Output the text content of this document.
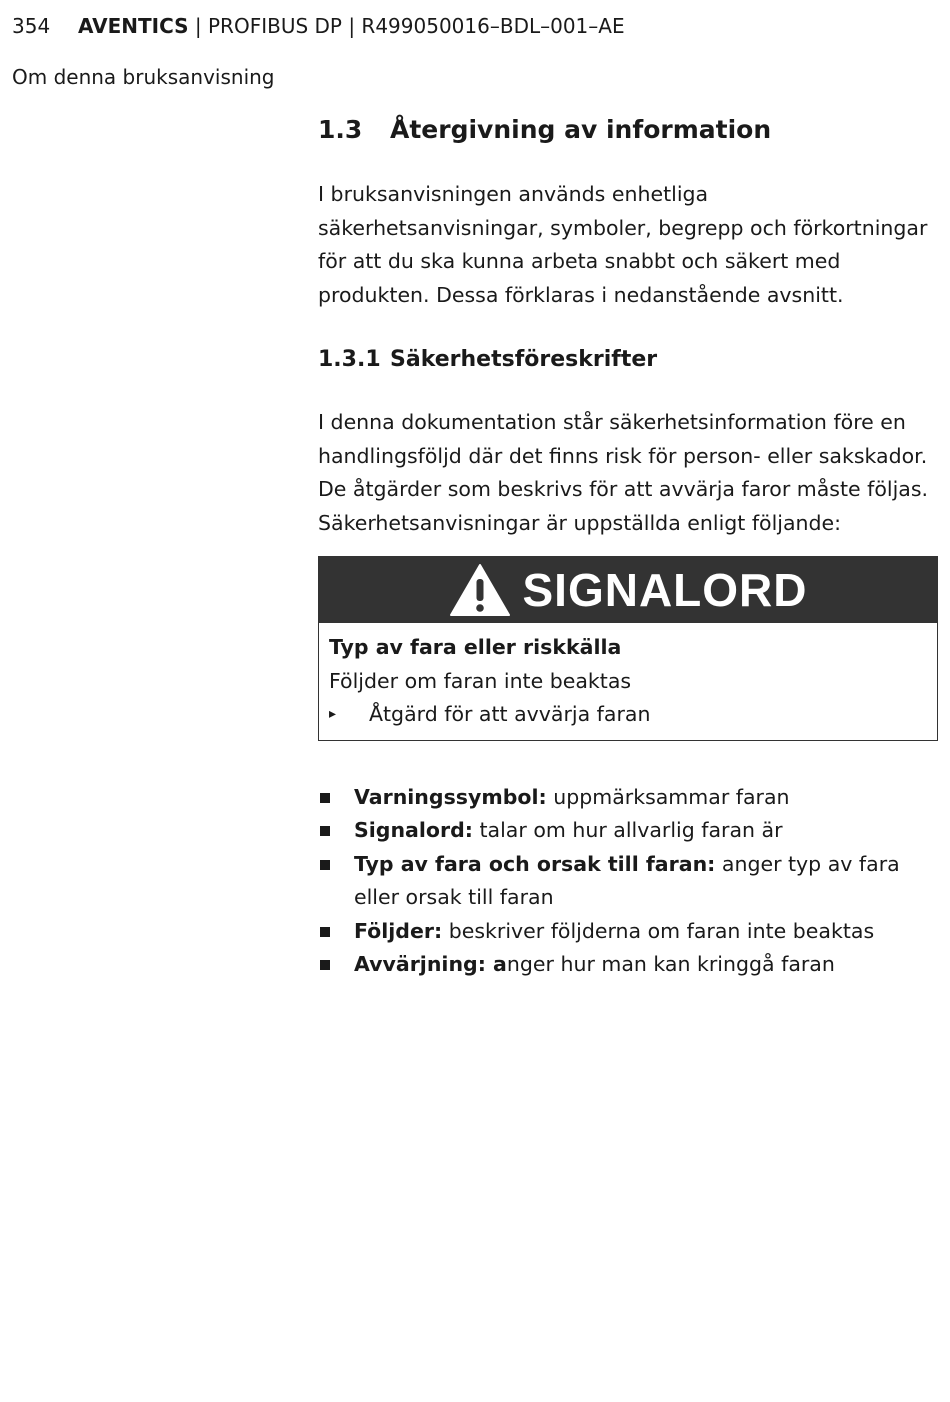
354 AVENTICS | PROFIBUS DP | R499050016–BDL–001–AE
Om denna bruksanvisning
1.3	Återgivning av information

I bruksanvisningen används enhetliga säkerhetsanvisningar, symboler, begrepp och förkortningar för att du ska kunna arbeta snabbt och säkert med produkten. Dessa förklaras i nedanstående avsnitt.

1.3.1 Säkerhetsföreskrifter

I denna dokumentation står säkerhetsinformation före en handlingsföljd där det finns risk för person- eller sakskador. De åtgärder som beskrivs för att avvärja faror måste följas. Säkerhetsanvisningar är uppställda enligt följande:

SIGNALORD
Typ av fara eller riskkälla
Följder om faran inte beaktas
▸	Åtgärd för att avvärja faran
Varningssymbol: uppmärksammar faran
Signalord: talar om hur allvarlig faran är
Typ av fara och orsak till faran: anger typ av fara eller orsak till faran
Följder: beskriver följderna om faran inte beaktas
Avvärjning: anger hur man kan kringgå faran
